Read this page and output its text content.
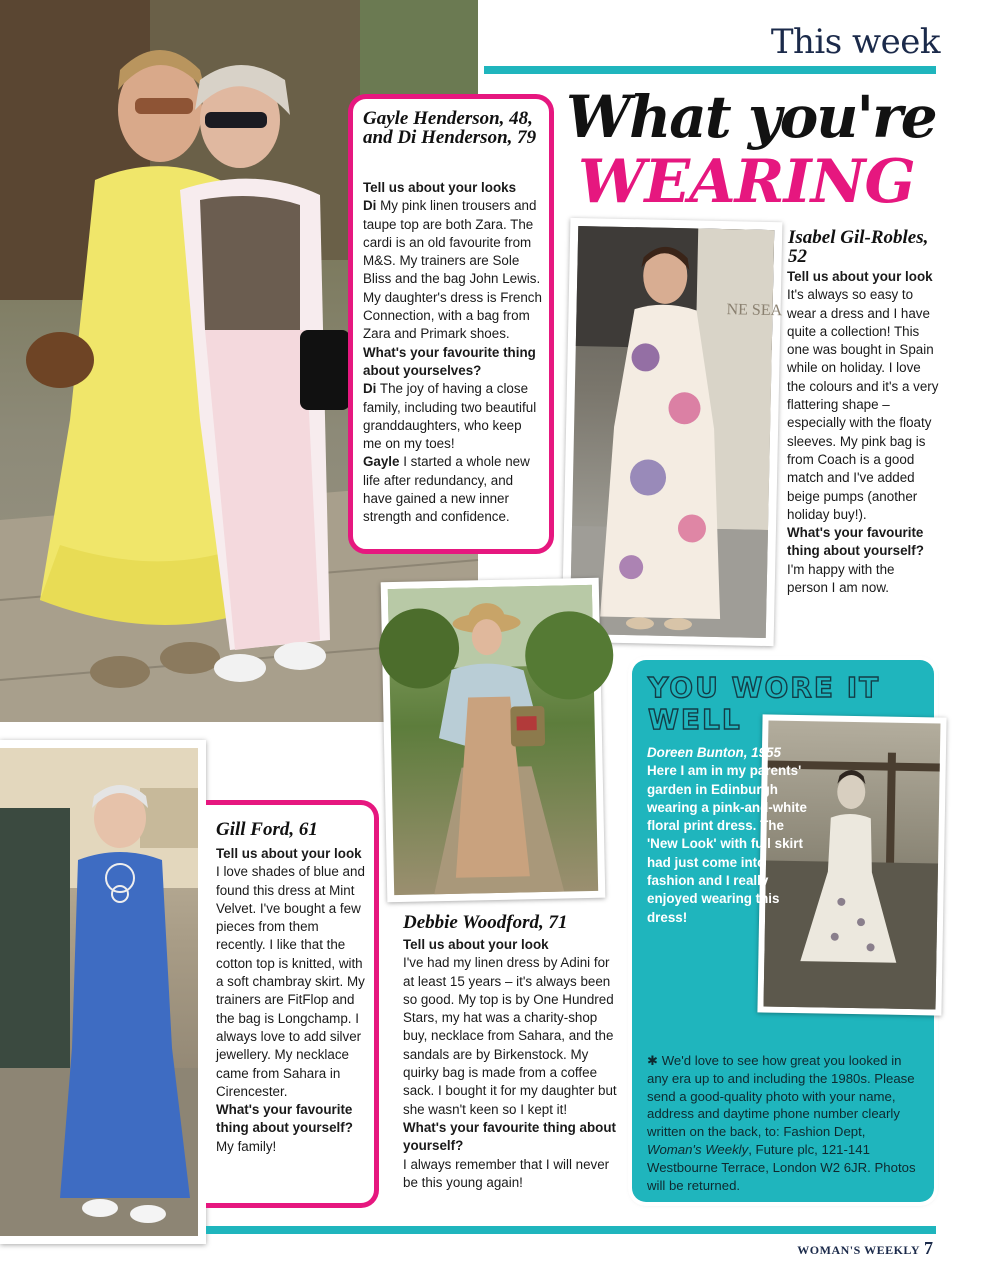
This week
What you're
WEARING
Gayle Henderson, 48, and Di Henderson, 79
Tell us about your looks
Di My pink linen trousers and taupe top are both Zara. The cardi is an old favourite from M&S. My trainers are Sole Bliss and the bag John Lewis. My daughter's dress is French Connection, with a bag from Zara and Primark shoes.
What's your favourite thing about yourselves?
Di The joy of having a close family, including two beautiful granddaughters, who keep me on my toes!
Gayle I started a whole new life after redundancy, and have gained a new inner strength and confidence.
NE SEA
Isabel Gil-Robles, 52
Tell us about your look
It's always so easy to wear a dress and I have quite a collection! This one was bought in Spain while on holiday. I love the colours and it's a very flattering shape – especially with the floaty sleeves. My pink bag is from Coach is a good match and I've added beige pumps (another holiday buy!).
What's your favourite thing about yourself?
I'm happy with the person I am now.
Debbie Woodford, 71
Tell us about your look
I've had my linen dress by Adini for at least 15 years – it's always been so good. My top is by One Hundred Stars, my hat was a charity-shop buy, necklace from Sahara, and the sandals are by Birkenstock. My quirky bag is made from a coffee sack. I bought it for my daughter but she wasn't keen so I kept it!
What's your favourite thing about yourself?
I always remember that I will never be this young again!
Gill Ford, 61
Tell us about your look
I love shades of blue and found this dress at Mint Velvet. I've bought a few pieces from them recently. I like that the cotton top is knitted, with a soft chambray skirt. My trainers are FitFlop and the bag is Longchamp. I always love to add silver jewellery. My necklace came from Sahara in Cirencester.
What's your favourite thing about yourself?
My family!
YOU WORE IT WELL
Doreen Bunton, 1955
Here I am in my parents' garden in Edinburgh wearing a pink-and-white floral print dress. The 'New Look' with full skirt had just come into fashion and I really enjoyed wearing this dress!
✱ We'd love to see how great you looked in any era up to and including the 1980s. Please send a good-quality photo with your name, address and daytime phone number clearly written on the back, to: Fashion Dept, Woman's Weekly, Future plc, 121-141 Westbourne Terrace, London W2 6JR. Photos will be returned.
WOMAN'S WEEKLY 7
